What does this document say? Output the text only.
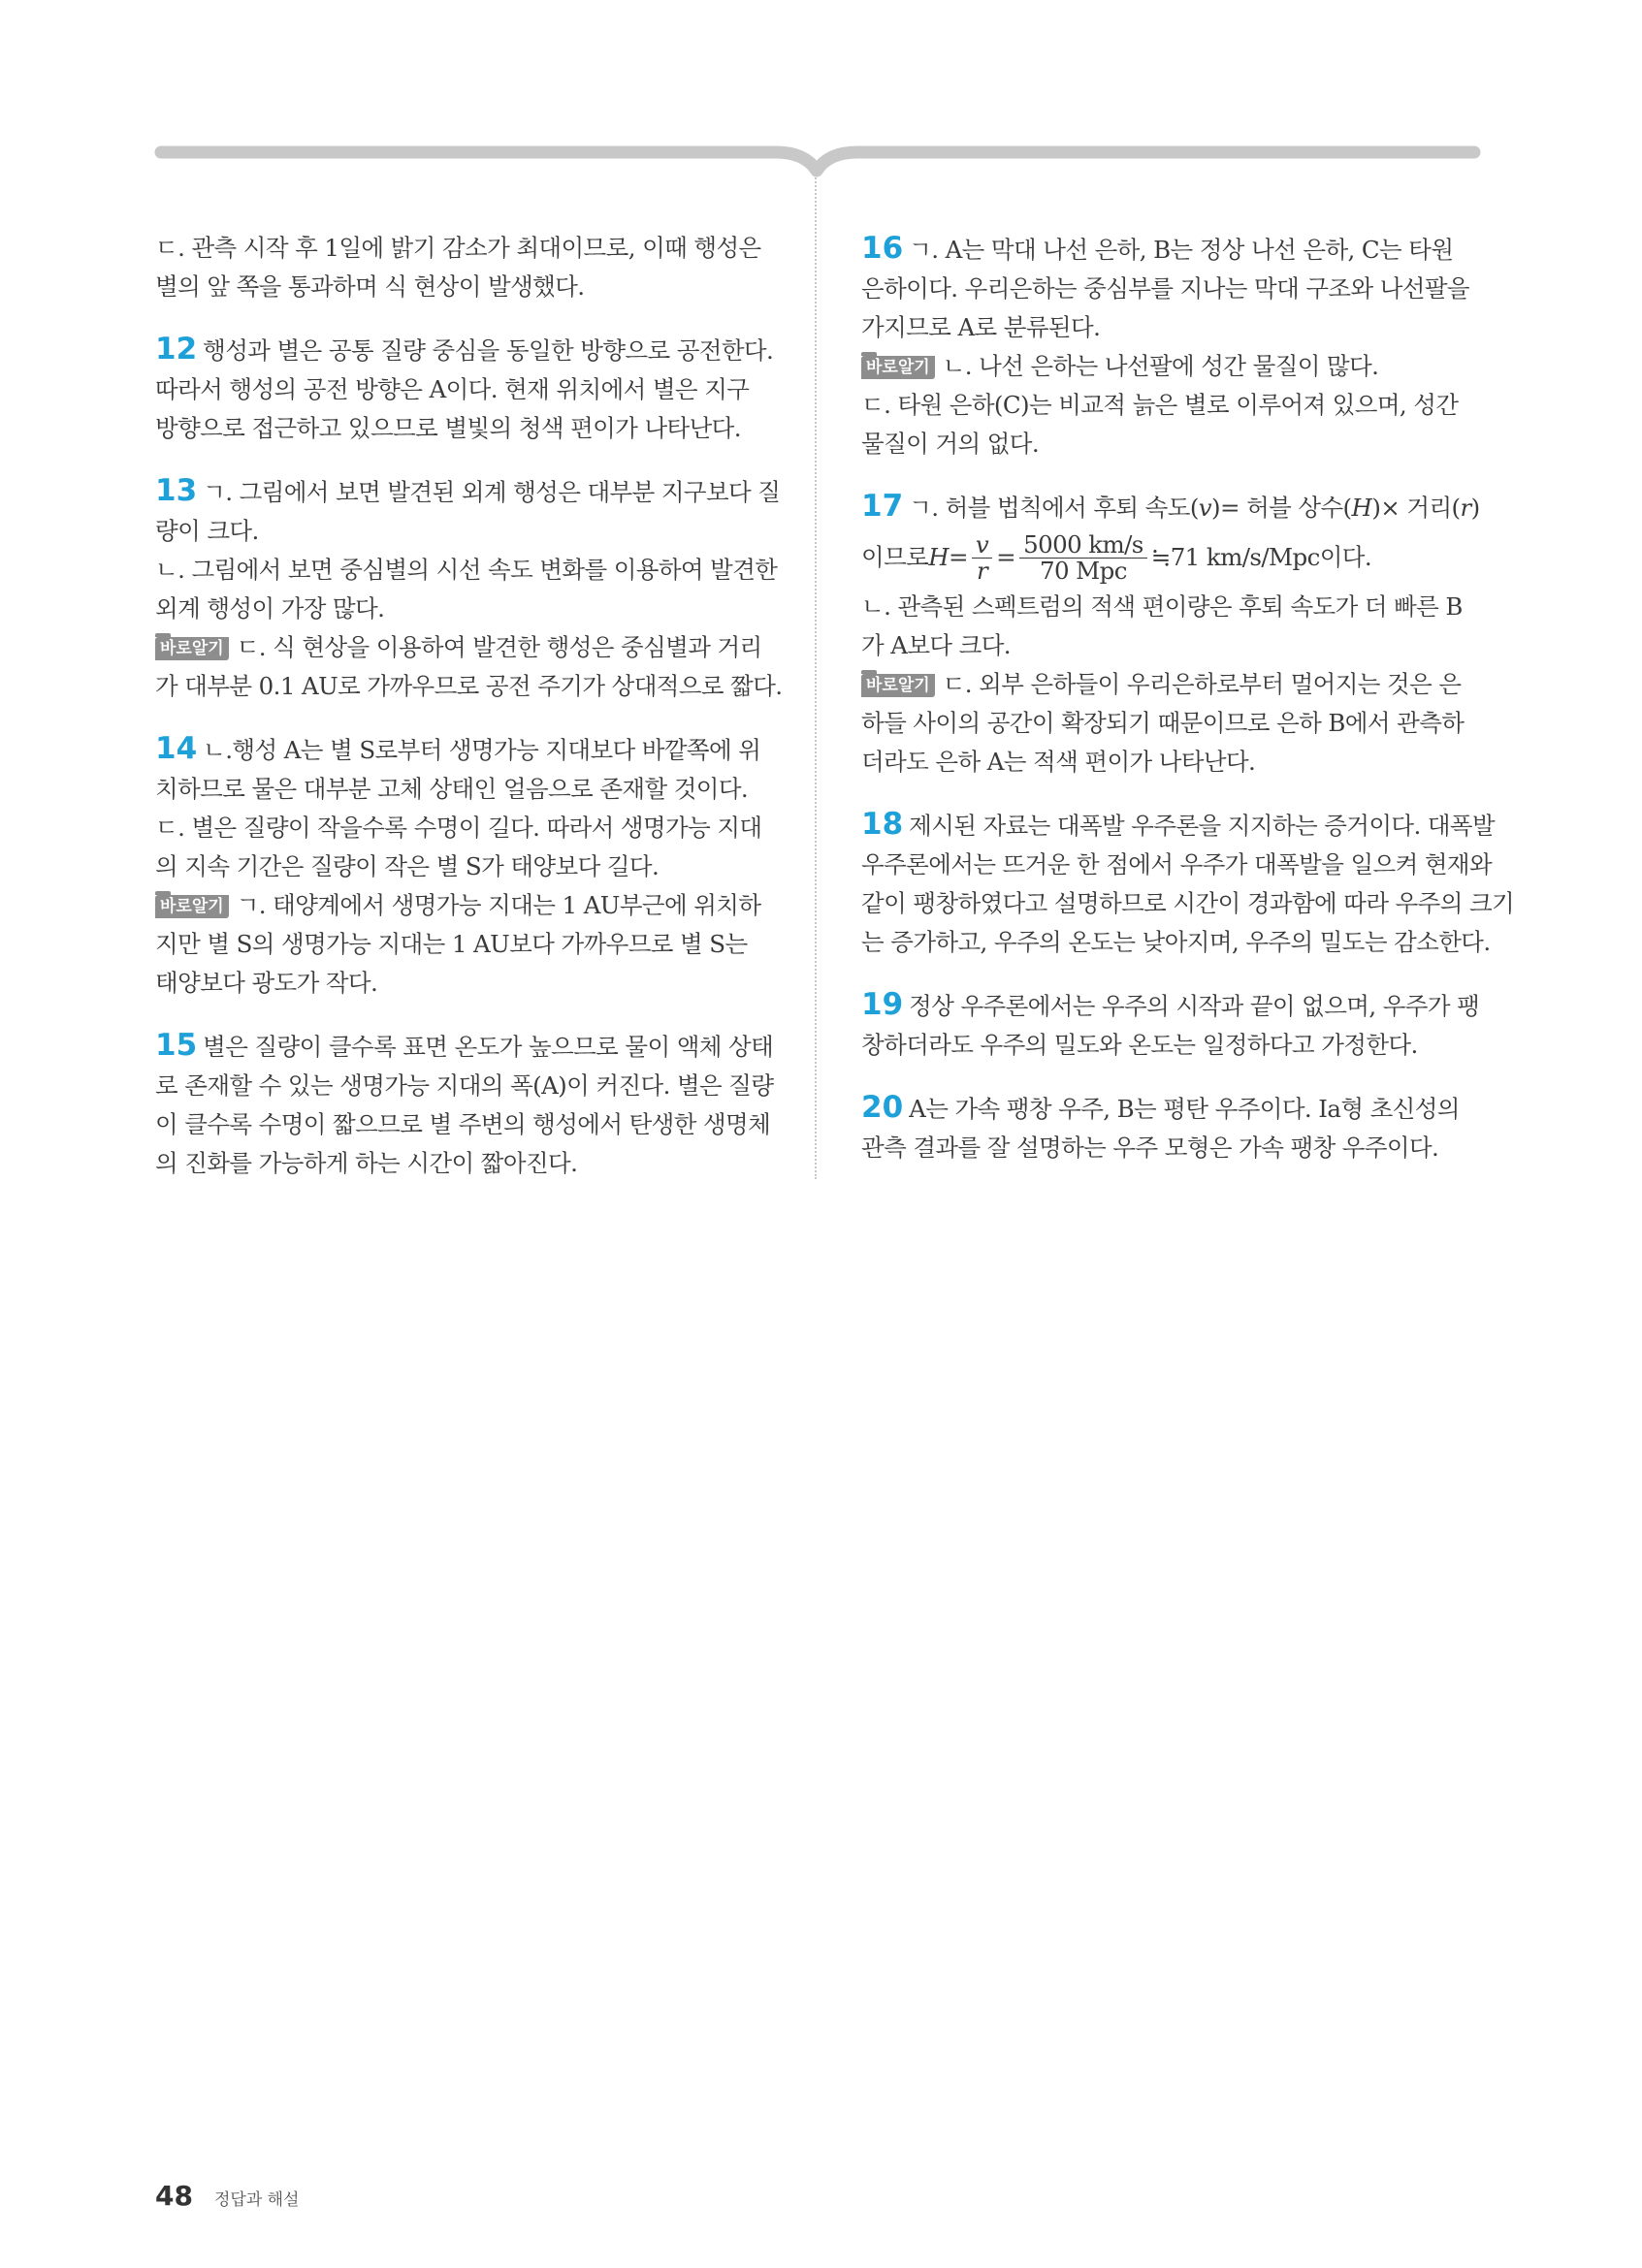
ㄷ. 관측 시작 후 1일에 밝기 감소가 최대이므로, 이때 행성은
별의 앞 쪽을 통과하며 식 현상이 발생했다.
12 행성과 별은 공통 질량 중심을 동일한 방향으로 공전한다.
따라서 행성의 공전 방향은 A이다. 현재 위치에서 별은 지구
방향으로 접근하고 있으므로 별빛의 청색 편이가 나타난다.
13 ㄱ. 그림에서 보면 발견된 외계 행성은 대부분 지구보다 질
량이 크다.
ㄴ. 그림에서 보면 중심별의 시선 속도 변화를 이용하여 발견한
외계 행성이 가장 많다.
바로알기 ㄷ. 식 현상을 이용하여 발견한 행성은 중심별과 거리
가 대부분 0.1 AU로 가까우므로 공전 주기가 상대적으로 짧다.
14 ㄴ.행성 A는 별 S로부터 생명가능 지대보다 바깥쪽에 위
치하므로 물은 대부분 고체 상태인 얼음으로 존재할 것이다.
ㄷ. 별은 질량이 작을수록 수명이 길다. 따라서 생명가능 지대
의 지속 기간은 질량이 작은 별 S가 태양보다 길다.
바로알기 ㄱ. 태양계에서 생명가능 지대는 1 AU부근에 위치하
지만 별 S의 생명가능 지대는 1 AU보다 가까우므로 별 S는
태양보다 광도가 작다.
15 별은 질량이 클수록 표면 온도가 높으므로 물이 액체 상태
로 존재할 수 있는 생명가능 지대의 폭(A)이 커진다. 별은 질량
이 클수록 수명이 짧으므로 별 주변의 행성에서 탄생한 생명체
의 진화를 가능하게 하는 시간이 짧아진다.
16 ㄱ. A는 막대 나선 은하, B는 정상 나선 은하, C는 타원
은하이다. 우리은하는 중심부를 지나는 막대 구조와 나선팔을
가지므로 A로 분류된다.
바로알기 ㄴ. 나선 은하는 나선팔에 성간 물질이 많다.
ㄷ. 타원 은하(C)는 비교적 늙은 별로 이루어져 있으며, 성간
물질이 거의 없다.
17 ㄱ. 허블 법칙에서 후퇴 속도(v)= 허블 상수(H)× 거리(r)
이므로 $H = \frac{v}{r} = \frac{5000 km/s}{\text{70 Mpc}}$ ≒71 km/s/Mpc이다.
ㄴ. 관측된 스펙트럼의 적색 편이량은 후퇴 속도가 더 빠른 B
가 A보다 크다.
바로알기 ㄷ. 외부 은하들이 우리은하로부터 멀어지는 것은 은
하들 사이의 공간이 확장되기 때문이므로 은하 B에서 관측하
더라도 은하 A는 적색 편이가 나타난다.
18 제시된 자료는 대폭발 우주론을 지지하는 증거이다. 대폭발
우주론에서는 뜨거운 한 점에서 우주가 대폭발을 일으켜 현재와
같이 팽창하였다고 설명하므로 시간이 경과함에 따라 우주의 크기
는 증가하고, 우주의 온도는 낮아지며, 우주의 밀도는 감소한다.
19 정상 우주론에서는 우주의 시작과 끝이 없으며, 우주가 팽
창하더라도 우주의 밀도와 온도는 일정하다고 가정한다.
20 A는 가속 팽창 우주, B는 평탄 우주이다. Ia형 초신성의
관측 결과를 잘 설명하는 우주 모형은 가속 팽창 우주이다.
48 정답과 해설
